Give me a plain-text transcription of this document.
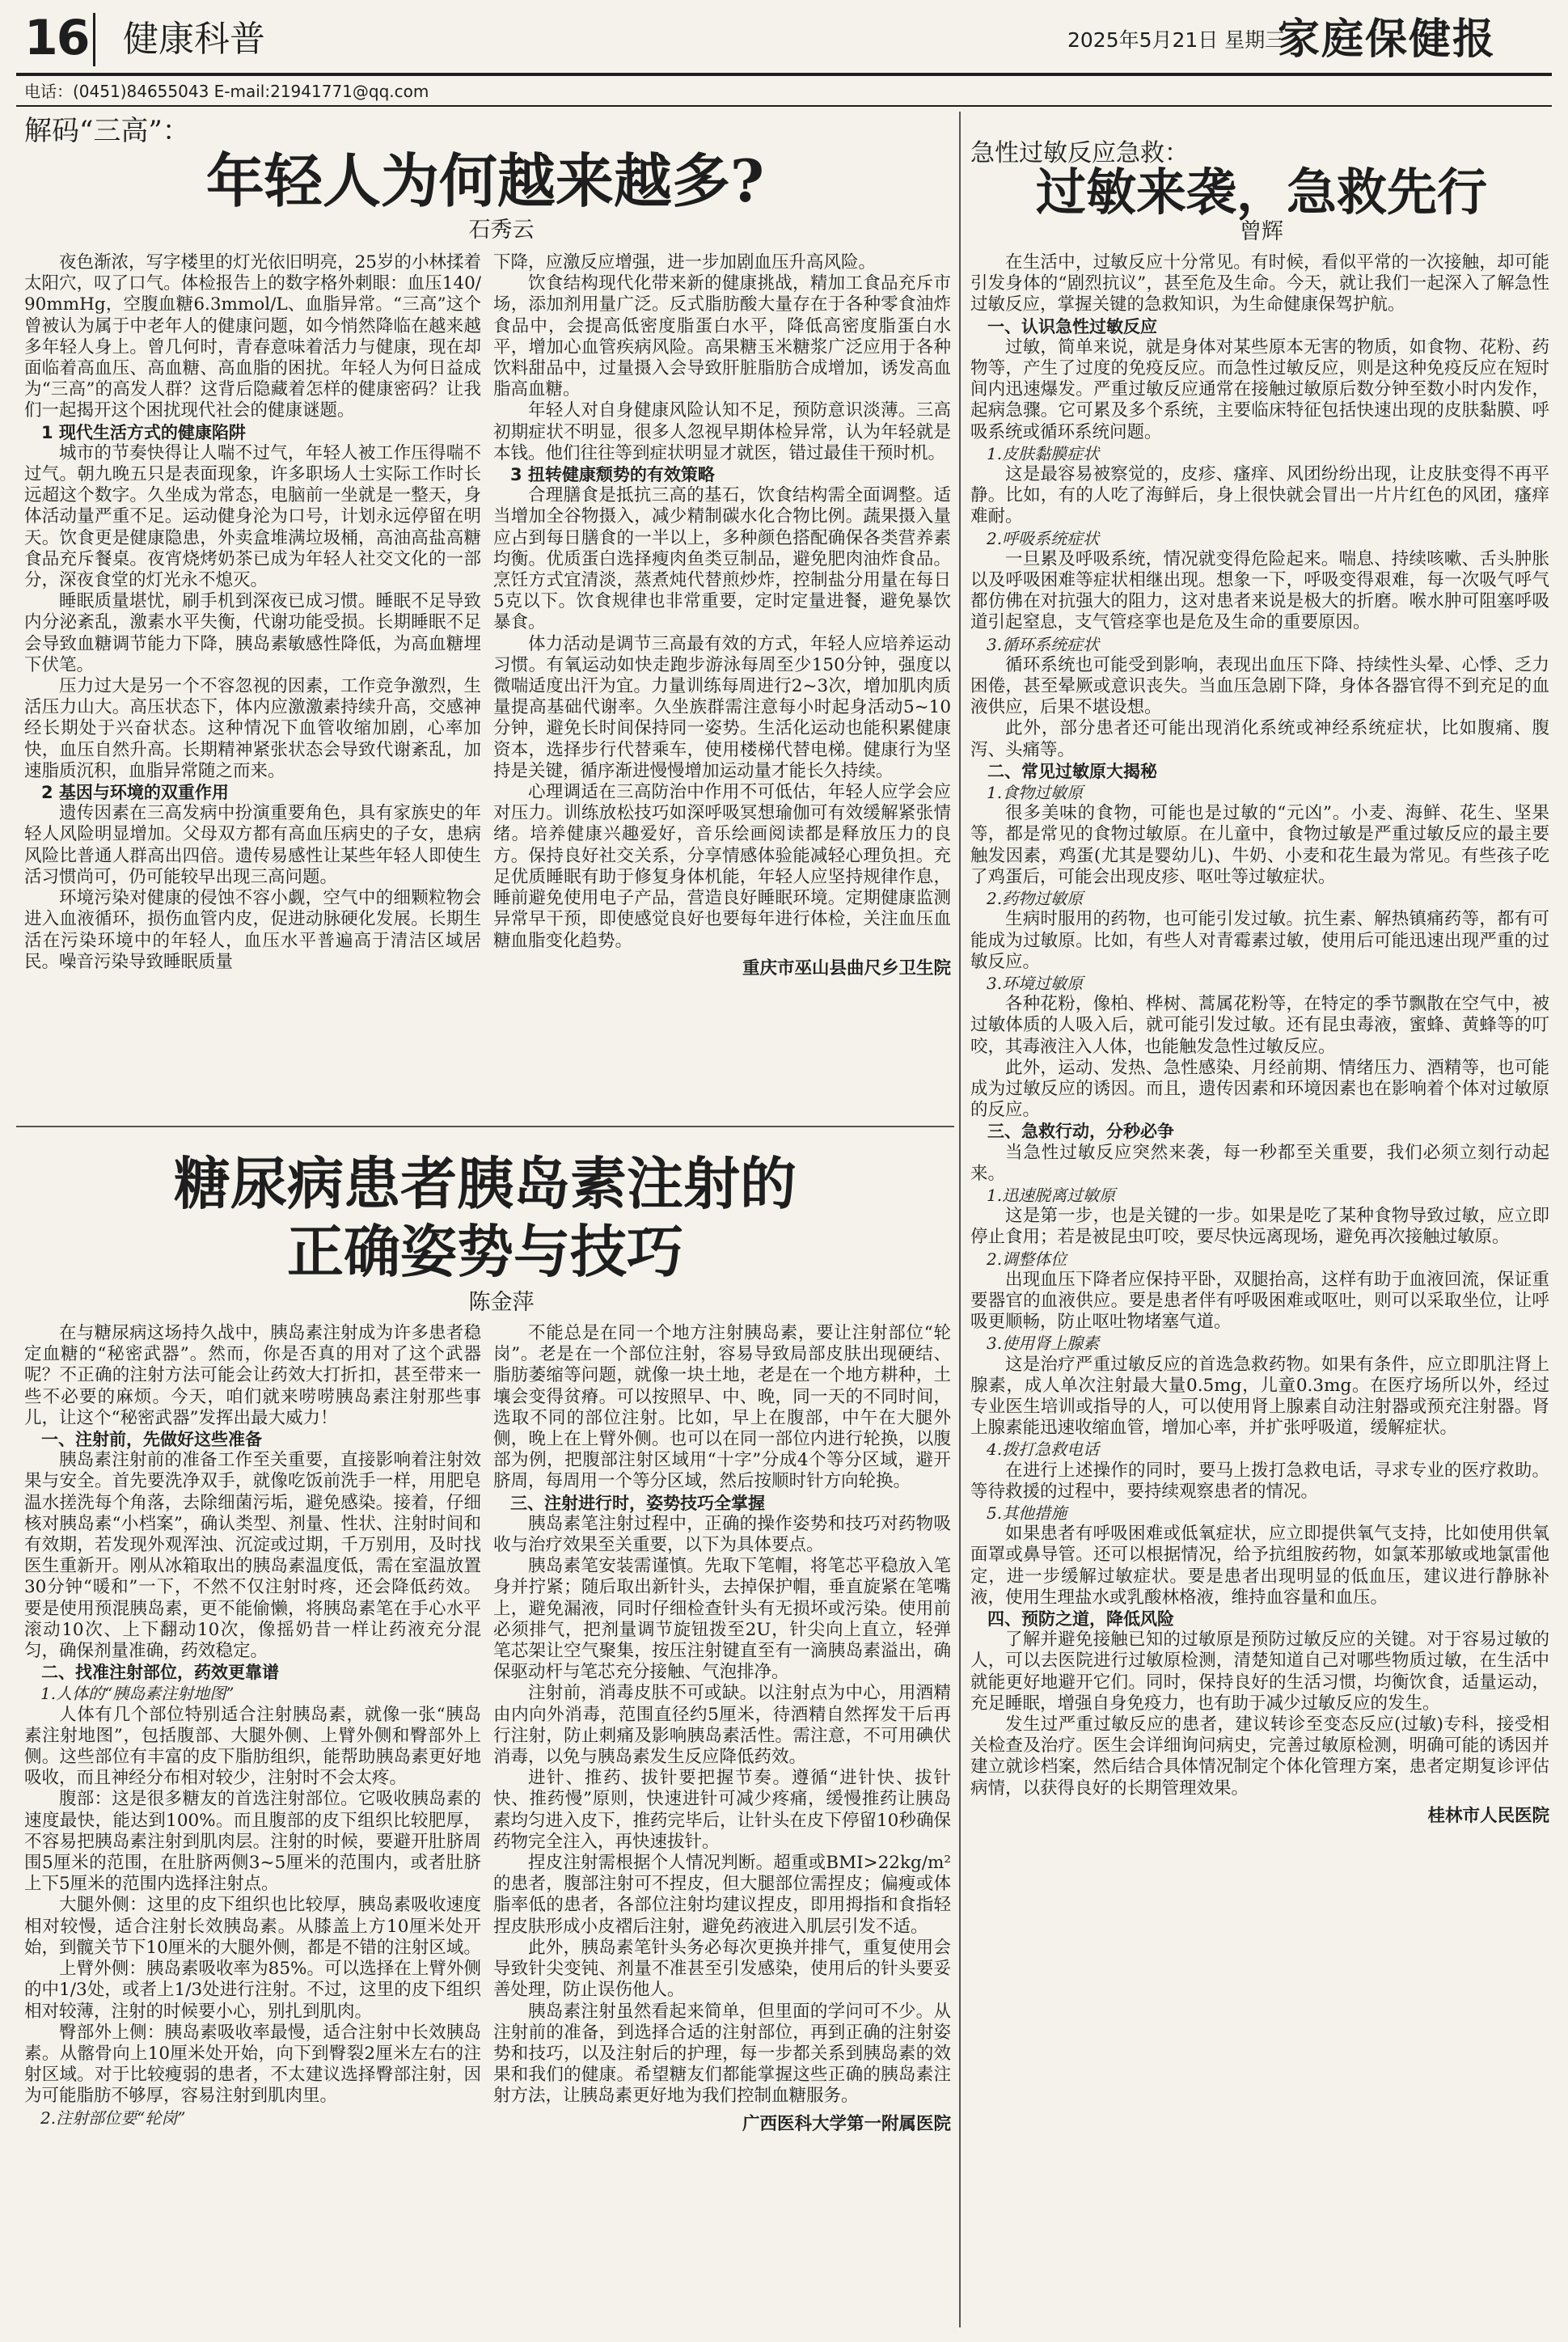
16 健康科普	2025年5月21日 星期三
家庭保健报
电话：(0451)84655043 E-mail:21941771@qq.com
解码“三高”：
年轻人为何越来越多?
石秀云

夜色渐浓，写字楼里的灯光依旧明亮，25岁的小林揉着太阳穴，叹了口气。体检报告上的数字格外刺眼：血压140/90mmHg，空腹血糖6.3mmol/L、血脂异常。“三高”这个曾被认为属于中老年人的健康问题，如今悄然降临在越来越多年轻人身上。曾几何时，青春意味着活力与健康，现在却面临着高血压、高血糖、高血脂的困扰。年轻人为何日益成为“三高”的高发人群？这背后隐藏着怎样的健康密码？让我们一起揭开这个困扰现代社会的健康谜题。

1 现代生活方式的健康陷阱

城市的节奏快得让人喘不过气，年轻人被工作压得喘不过气。朝九晚五只是表面现象，许多职场人士实际工作时长远超这个数字。久坐成为常态，电脑前一坐就是一整天，身体活动量严重不足。运动健身沦为口号，计划永远停留在明天。饮食更是健康隐患，外卖盒堆满垃圾桶，高油高盐高糖食品充斥餐桌。夜宵烧烤奶茶已成为年轻人社交文化的一部分，深夜食堂的灯光永不熄灭。

睡眠质量堪忧，刷手机到深夜已成习惯。睡眠不足导致内分泌紊乱，激素水平失衡，代谢功能受损。长期睡眠不足会导致血糖调节能力下降，胰岛素敏感性降低，为高血糖埋下伏笔。

压力过大是另一个不容忽视的因素，工作竞争激烈，生活压力山大。高压状态下，体内应激激素持续升高，交感神经长期处于兴奋状态。这种情况下血管收缩加剧，心率加快，血压自然升高。长期精神紧张状态会导致代谢紊乱，加速脂质沉积，血脂异常随之而来。

2 基因与环境的双重作用

遗传因素在三高发病中扮演重要角色，具有家族史的年轻人风险明显增加。父母双方都有高血压病史的子女，患病风险比普通人群高出四倍。遗传易感性让某些年轻人即使生活习惯尚可，仍可能较早出现三高问题。

环境污染对健康的侵蚀不容小觑，空气中的细颗粒物会进入血液循环，损伤血管内皮，促进动脉硬化发展。长期生活在污染环境中的年轻人，血压水平普遍高于清洁区域居民。噪音污染导致睡眠质量

下降，应激反应增强，进一步加剧血压升高风险。

饮食结构现代化带来新的健康挑战，精加工食品充斥市场，添加剂用量广泛。反式脂肪酸大量存在于各种零食油炸食品中，会提高低密度脂蛋白水平，降低高密度脂蛋白水平，增加心血管疾病风险。高果糖玉米糖浆广泛应用于各种饮料甜品中，过量摄入会导致肝脏脂肪合成增加，诱发高血脂高血糖。

年轻人对自身健康风险认知不足，预防意识淡薄。三高初期症状不明显，很多人忽视早期体检异常，认为年轻就是本钱。他们往往等到症状明显才就医，错过最佳干预时机。

3 扭转健康颓势的有效策略

合理膳食是抵抗三高的基石，饮食结构需全面调整。适当增加全谷物摄入，减少精制碳水化合物比例。蔬果摄入量应占到每日膳食的一半以上，多种颜色搭配确保各类营养素均衡。优质蛋白选择瘦肉鱼类豆制品，避免肥肉油炸食品。烹饪方式宜清淡，蒸煮炖代替煎炒炸，控制盐分用量在每日5克以下。饮食规律也非常重要，定时定量进餐，避免暴饮暴食。

体力活动是调节三高最有效的方式，年轻人应培养运动习惯。有氧运动如快走跑步游泳每周至少150分钟，强度以微喘适度出汗为宜。力量训练每周进行2~3次，增加肌肉质量提高基础代谢率。久坐族群需注意每小时起身活动5~10分钟，避免长时间保持同一姿势。生活化运动也能积累健康资本，选择步行代替乘车，使用楼梯代替电梯。健康行为坚持是关键，循序渐进慢慢增加运动量才能长久持续。

心理调适在三高防治中作用不可低估，年轻人应学会应对压力。训练放松技巧如深呼吸冥想瑜伽可有效缓解紧张情绪。培养健康兴趣爱好，音乐绘画阅读都是释放压力的良方。保持良好社交关系，分享情感体验能减轻心理负担。充足优质睡眠有助于修复身体机能，年轻人应坚持规律作息，睡前避免使用电子产品，营造良好睡眠环境。定期健康监测异常早干预，即使感觉良好也要每年进行体检，关注血压血糖血脂变化趋势。

重庆市巫山县曲尺乡卫生院

糖尿病患者胰岛素注射的
正确姿势与技巧
陈金萍

在与糖尿病这场持久战中，胰岛素注射成为许多患者稳定血糖的“秘密武器”。然而，你是否真的用对了这个武器呢？不正确的注射方法可能会让药效大打折扣，甚至带来一些不必要的麻烦。今天，咱们就来唠唠胰岛素注射那些事儿，让这个“秘密武器”发挥出最大威力！

一、注射前，先做好这些准备

胰岛素注射前的准备工作至关重要，直接影响着注射效果与安全。首先要洗净双手，就像吃饭前洗手一样，用肥皂温水搓洗每个角落，去除细菌污垢，避免感染。接着，仔细核对胰岛素“小档案”，确认类型、剂量、性状、注射时间和有效期，若发现外观浑浊、沉淀或过期，千万别用，及时找医生重新开。刚从冰箱取出的胰岛素温度低，需在室温放置30分钟“暖和”一下，不然不仅注射时疼，还会降低药效。要是使用预混胰岛素，更不能偷懒，将胰岛素笔在手心水平滚动10次、上下翻动10次，像摇奶昔一样让药液充分混匀，确保剂量准确，药效稳定。

二、找准注射部位，药效更靠谱

1.人体的“胰岛素注射地图”

人体有几个部位特别适合注射胰岛素，就像一张“胰岛素注射地图”，包括腹部、大腿外侧、上臂外侧和臀部外上侧。这些部位有丰富的皮下脂肪组织，能帮助胰岛素更好地吸收，而且神经分布相对较少，注射时不会太疼。

腹部：这是很多糖友的首选注射部位。它吸收胰岛素的速度最快，能达到100%。而且腹部的皮下组织比较肥厚，不容易把胰岛素注射到肌肉层。注射的时候，要避开肚脐周围5厘米的范围，在肚脐两侧3~5厘米的范围内，或者肚脐上下5厘米的范围内选择注射点。

大腿外侧：这里的皮下组织也比较厚，胰岛素吸收速度相对较慢，适合注射长效胰岛素。从膝盖上方10厘米处开始，到髋关节下10厘米的大腿外侧，都是不错的注射区域。

上臂外侧：胰岛素吸收率为85%。可以选择在上臂外侧的中1/3处，或者上1/3处进行注射。不过，这里的皮下组织相对较薄，注射的时候要小心，别扎到肌肉。

臀部外上侧：胰岛素吸收率最慢，适合注射中长效胰岛素。从髂骨向上10厘米处开始，向下到臀裂2厘米左右的注射区域。对于比较瘦弱的患者，不太建议选择臀部注射，因为可能脂肪不够厚，容易注射到肌肉里。

2.注射部位要“轮岗”

不能总是在同一个地方注射胰岛素，要让注射部位“轮岗”。老是在一个部位注射，容易导致局部皮肤出现硬结、脂肪萎缩等问题，就像一块土地，老是在一个地方耕种，土壤会变得贫瘠。可以按照早、中、晚，同一天的不同时间，选取不同的部位注射。比如，早上在腹部，中午在大腿外侧，晚上在上臂外侧。也可以在同一部位内进行轮换，以腹部为例，把腹部注射区域用“十字”分成4个等分区域，避开脐周，每周用一个等分区域，然后按顺时针方向轮换。

三、注射进行时，姿势技巧全掌握

胰岛素笔注射过程中，正确的操作姿势和技巧对药物吸收与治疗效果至关重要，以下为具体要点。

胰岛素笔安装需谨慎。先取下笔帽，将笔芯平稳放入笔身并拧紧；随后取出新针头，去掉保护帽，垂直旋紧在笔嘴上，避免漏液，同时仔细检查针头有无损坏或污染。使用前必须排气，把剂量调节旋钮拨至2U，针尖向上直立，轻弹笔芯架让空气聚集，按压注射键直至有一滴胰岛素溢出，确保驱动杆与笔芯充分接触、气泡排净。

注射前，消毒皮肤不可或缺。以注射点为中心，用酒精由内向外消毒，范围直径约5厘米，待酒精自然挥发干后再行注射，防止刺痛及影响胰岛素活性。需注意，不可用碘伏消毒，以免与胰岛素发生反应降低药效。

进针、推药、拔针要把握节奏。遵循“进针快、拔针快、推药慢”原则，快速进针可减少疼痛，缓慢推药让胰岛素均匀进入皮下，推药完毕后，让针头在皮下停留10秒确保药物完全注入，再快速拔针。

捏皮注射需根据个人情况判断。超重或BMI>22kg/m²的患者，腹部注射可不捏皮，但大腿部位需捏皮；偏瘦或体脂率低的患者，各部位注射均建议捏皮，即用拇指和食指轻捏皮肤形成小皮褶后注射，避免药液进入肌层引发不适。

此外，胰岛素笔针头务必每次更换并排气，重复使用会导致针尖变钝、剂量不准甚至引发感染，使用后的针头要妥善处理，防止误伤他人。

胰岛素注射虽然看起来简单，但里面的学问可不少。从注射前的准备，到选择合适的注射部位，再到正确的注射姿势和技巧，以及注射后的护理，每一步都关系到胰岛素的效果和我们的健康。希望糖友们都能掌握这些正确的胰岛素注射方法，让胰岛素更好地为我们控制血糖服务。

广西医科大学第一附属医院

急性过敏反应急救：
过敏来袭，急救先行
曾辉

在生活中，过敏反应十分常见。有时候，看似平常的一次接触，却可能引发身体的“剧烈抗议”，甚至危及生命。今天，就让我们一起深入了解急性过敏反应，掌握关键的急救知识，为生命健康保驾护航。

一、认识急性过敏反应

过敏，简单来说，就是身体对某些原本无害的物质，如食物、花粉、药物等，产生了过度的免疫反应。而急性过敏反应，则是这种免疫反应在短时间内迅速爆发。严重过敏反应通常在接触过敏原后数分钟至数小时内发作，起病急骤。它可累及多个系统，主要临床特征包括快速出现的皮肤黏膜、呼吸系统或循环系统问题。

1.皮肤黏膜症状

这是最容易被察觉的，皮疹、瘙痒、风团纷纷出现，让皮肤变得不再平静。比如，有的人吃了海鲜后，身上很快就会冒出一片片红色的风团，瘙痒难耐。

2.呼吸系统症状

一旦累及呼吸系统，情况就变得危险起来。喘息、持续咳嗽、舌头肿胀以及呼吸困难等症状相继出现。想象一下，呼吸变得艰难，每一次吸气呼气都仿佛在对抗强大的阻力，这对患者来说是极大的折磨。喉水肿可阻塞呼吸道引起窒息，支气管痉挛也是危及生命的重要原因。

3.循环系统症状

循环系统也可能受到影响，表现出血压下降、持续性头晕、心悸、乏力困倦，甚至晕厥或意识丧失。当血压急剧下降，身体各器官得不到充足的血液供应，后果不堪设想。

此外，部分患者还可能出现消化系统或神经系统症状，比如腹痛、腹泻、头痛等。

二、常见过敏原大揭秘

1.食物过敏原

很多美味的食物，可能也是过敏的“元凶”。小麦、海鲜、花生、坚果等，都是常见的食物过敏原。在儿童中，食物过敏是严重过敏反应的最主要触发因素，鸡蛋(尤其是婴幼儿)、牛奶、小麦和花生最为常见。有些孩子吃了鸡蛋后，可能会出现皮疹、呕吐等过敏症状。

2.药物过敏原

生病时服用的药物，也可能引发过敏。抗生素、解热镇痛药等，都有可能成为过敏原。比如，有些人对青霉素过敏，使用后可能迅速出现严重的过敏反应。

3.环境过敏原

各种花粉，像柏、桦树、蒿属花粉等，在特定的季节飘散在空气中，被过敏体质的人吸入后，就可能引发过敏。还有昆虫毒液，蜜蜂、黄蜂等的叮咬，其毒液注入人体，也能触发急性过敏反应。

此外，运动、发热、急性感染、月经前期、情绪压力、酒精等，也可能成为过敏反应的诱因。而且，遗传因素和环境因素也在影响着个体对过敏原的反应。

三、急救行动，分秒必争

当急性过敏反应突然来袭，每一秒都至关重要，我们必须立刻行动起来。

1.迅速脱离过敏原

这是第一步，也是关键的一步。如果是吃了某种食物导致过敏，应立即停止食用；若是被昆虫叮咬，要尽快远离现场，避免再次接触过敏原。

2.调整体位

出现血压下降者应保持平卧，双腿抬高，这样有助于血液回流，保证重要器官的血液供应。要是患者伴有呼吸困难或呕吐，则可以采取坐位，让呼吸更顺畅，防止呕吐物堵塞气道。

3.使用肾上腺素

这是治疗严重过敏反应的首选急救药物。如果有条件，应立即肌注肾上腺素，成人单次注射最大量0.5mg，儿童0.3mg。在医疗场所以外，经过专业医生培训或指导的人，可以使用肾上腺素自动注射器或预充注射器。肾上腺素能迅速收缩血管，增加心率，并扩张呼吸道，缓解症状。

4.拨打急救电话

在进行上述操作的同时，要马上拨打急救电话，寻求专业的医疗救助。等待救援的过程中，要持续观察患者的情况。

5.其他措施

如果患者有呼吸困难或低氧症状，应立即提供氧气支持，比如使用供氧面罩或鼻导管。还可以根据情况，给予抗组胺药物，如氯苯那敏或地氯雷他定，进一步缓解过敏症状。要是患者出现明显的低血压，建议进行静脉补液，使用生理盐水或乳酸林格液，维持血容量和血压。

四、预防之道，降低风险

了解并避免接触已知的过敏原是预防过敏反应的关键。对于容易过敏的人，可以去医院进行过敏原检测，清楚知道自己对哪些物质过敏，在生活中就能更好地避开它们。同时，保持良好的生活习惯，均衡饮食，适量运动，充足睡眠，增强自身免疫力，也有助于减少过敏反应的发生。

发生过严重过敏反应的患者，建议转诊至变态反应(过敏)专科，接受相关检查及治疗。医生会详细询问病史，完善过敏原检测，明确可能的诱因并建立就诊档案，然后结合具体情况制定个体化管理方案，患者定期复诊评估病情，以获得良好的长期管理效果。

桂林市人民医院
